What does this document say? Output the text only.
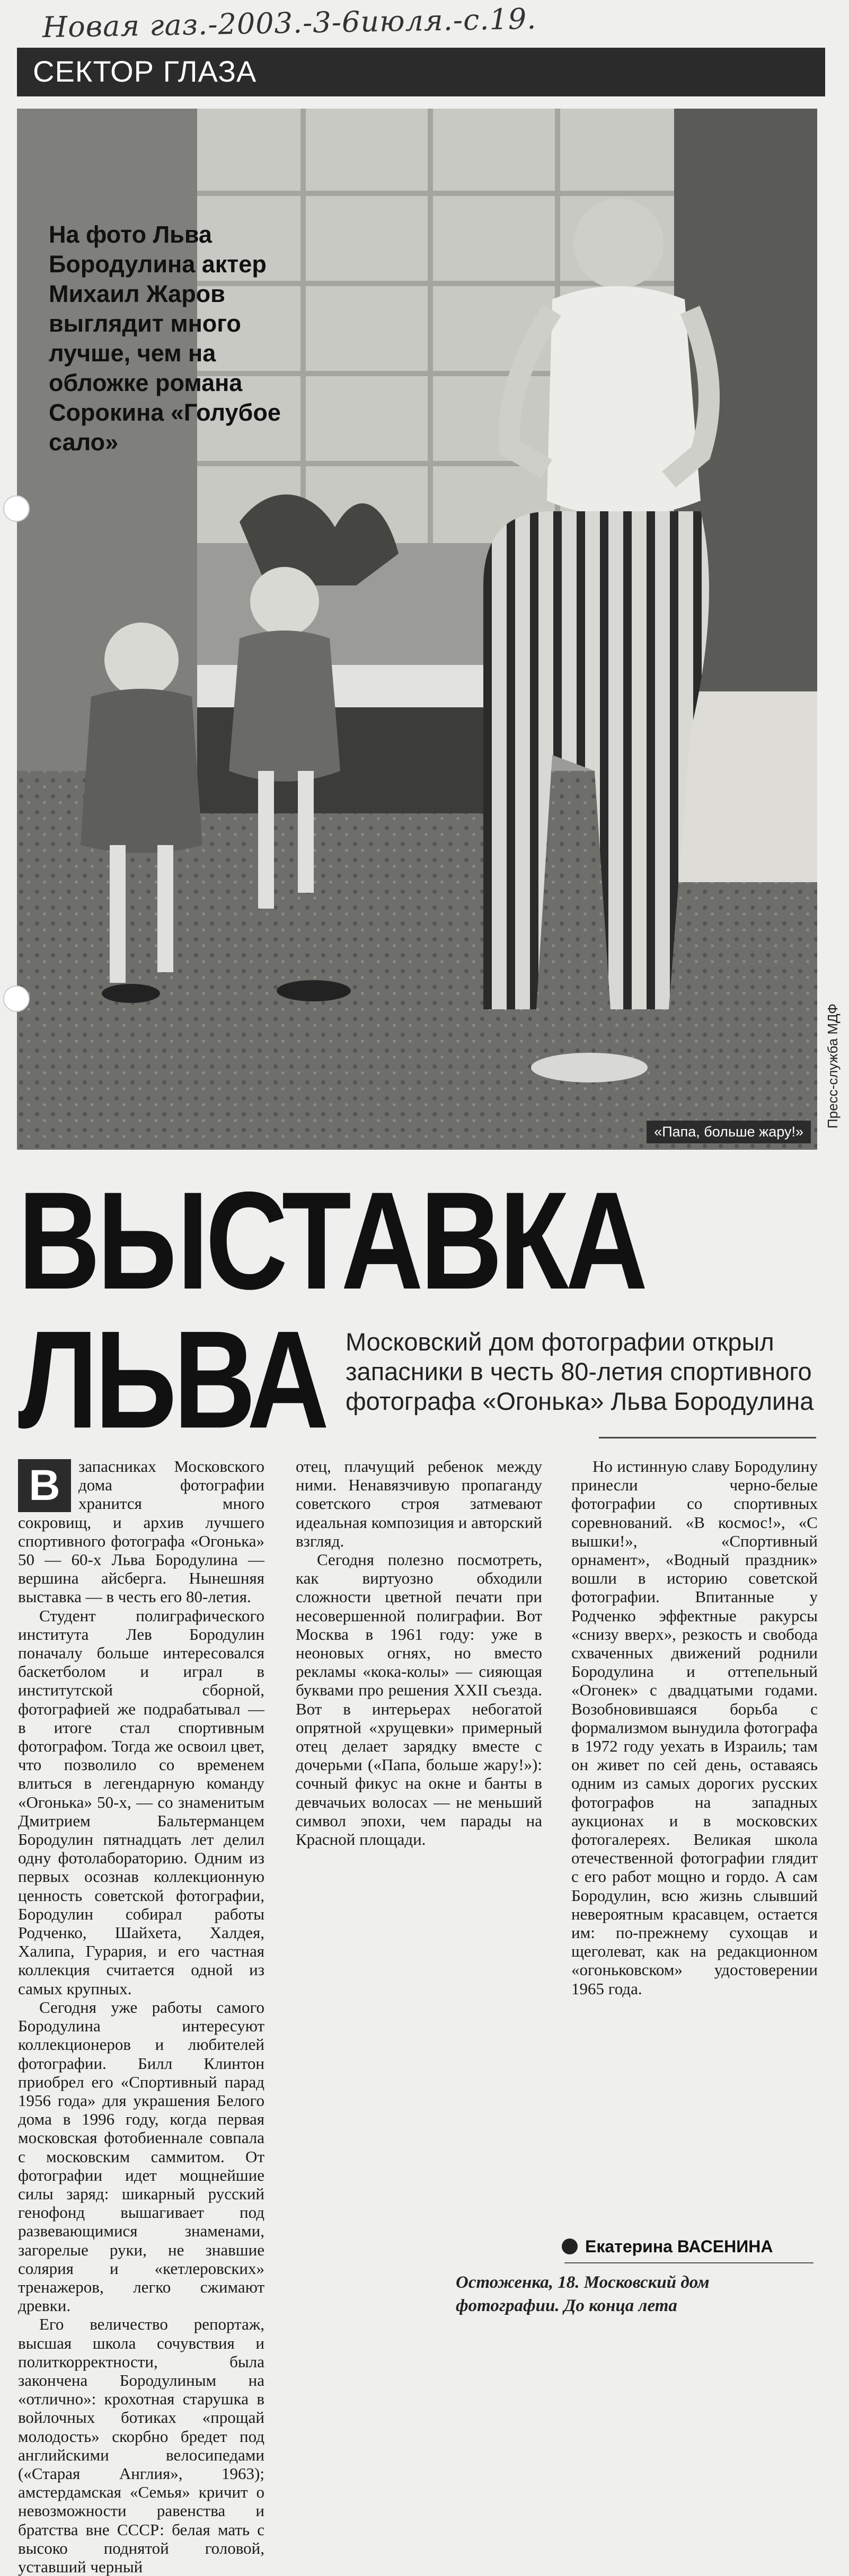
Новая газ.-2003.-3-6июля.-с.19.
СЕКТОР ГЛАЗА
На фото Льва Бородулина актер Михаил Жаров выглядит много лучше, чем на обложке романа Сорокина «Голубое сало»
«Папа, больше жару!»
Пресс-служба МДФ
ВЫСТАВКА
ЛЬВА Московский дом фотографии открыл запасники в честь 80-летия спортивного фотографа «Огонька» Льва Бородулина

В	запасниках Московского дома фотографии хранится много сокровищ, и архив лучшего спортивного фотографа «Огонька» 50 — 60-х Льва Бородулина — вершина айсберга. Нынешняя выставка — в честь его 80-летия.

Студент полиграфического института Лев Бородулин поначалу больше интересовался баскетболом и играл в институтской сборной, фотографией же подрабатывал — в итоге стал спортивным фотографом. Тогда же освоил цвет, что позволило со временем влиться в легендарную команду «Огонька» 50-х, — со знаменитым Дмитрием Бальтерманцем Бородулин пятнадцать лет делил одну фотолабораторию. Одним из первых осознав коллекционную ценность советской фотографии, Бородулин собирал работы Родченко, Шайхета, Халдея, Халипа, Гурария, и его частная коллекция считается одной из самых крупных.

Сегодня уже работы самого Бородулина интересуют коллекционеров и любителей фотографии. Билл Клинтон приобрел его «Спортивный парад 1956 года» для украшения Белого дома в 1996 году, когда первая московская фотобиеннале совпала с московским саммитом. От фотографии идет мощнейшие силы заряд: шикарный русский генофонд вышагивает под развевающимися знаменами, загорелые руки, не знавшие солярия и «кетлеровских» тренажеров, легко сжимают древки.

Его величество репортаж, высшая школа сочувствия и политкорректности, была закончена Бородулиным на «отлично»: крохотная старушка в войлочных ботиках «прощай молодость» скорбно бредет под английскими велосипедами («Старая Англия», 1963); амстердамская «Семья» кричит о невозможности равенства и братства вне СССР: белая мать с высоко поднятой головой, уставший черный

отец, плачущий ребенок между ними. Ненавязчивую пропаганду советского строя затмевают идеальная композиция и авторский взгляд.

Сегодня полезно посмотреть, как виртуозно обходили сложности цветной печати при несовершенной полиграфии. Вот Москва в 1961 году: уже в неоновых огнях, но вместо рекламы «кока-колы» — сияющая буквами про решения XXII съезда. Вот в интерьерах небогатой опрятной «хрущевки» примерный отец делает зарядку вместе с дочерьми («Папа, больше жару!»): сочный фикус на окне и банты в девчачьих волосах — не меньший символ эпохи, чем парады на Красной площади.

Но истинную славу Бородулину принесли черно-белые фотографии со спортивных соревнований. «В космос!», «С вышки!», «Спортивный орнамент», «Водный праздник» вошли в историю советской фотографии. Впитанные у Родченко эффектные ракурсы «снизу вверх», резкость и свобода схваченных движений роднили Бородулина и оттепельный «Огонек» с двадцатыми годами. Возобновившаяся борьба с формализмом вынудила фотографа в 1972 году уехать в Израиль; там он живет по сей день, оставаясь одним из самых дорогих русских фотографов на западных аукционах и в московских фотогалереях. Великая школа отечественной фотографии глядит с его работ мощно и гордо. А сам Бородулин, всю жизнь слывший невероятным красавцем, остается им: по-прежнему сухощав и щеголеват, как на редакционном «огоньковском» удостоверении 1965 года.

Екатерина ВАСЕНИНА
Остоженка, 18. Московский дом фотографии. До конца лета
